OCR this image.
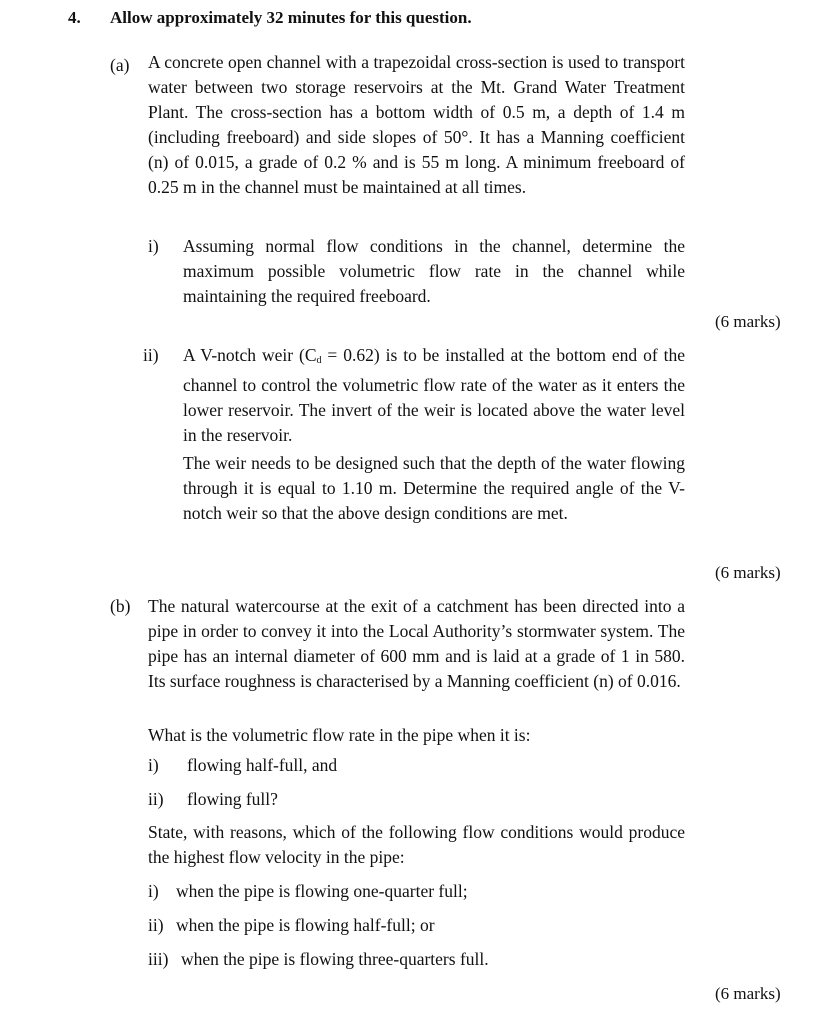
4. Allow approximately 32 minutes for this question.
(a) A concrete open channel with a trapezoidal cross-section is used to transport water between two storage reservoirs at the Mt. Grand Water Treatment Plant. The cross-section has a bottom width of 0.5 m, a depth of 1.4 m (including freeboard) and side slopes of 50°. It has a Manning coefficient (n) of 0.015, a grade of 0.2 % and is 55 m long. A minimum freeboard of 0.25 m in the channel must be maintained at all times.
i) Assuming normal flow conditions in the channel, determine the maximum possible volumetric flow rate in the channel while maintaining the required freeboard.
(6 marks)
ii) A V-notch weir $(C_d = 0.62)$ is to be installed at the bottom end of the channel to control the volumetric flow rate of the water as it enters the lower reservoir. The invert of the weir is located above the water level in the reservoir.
The weir needs to be designed such that the depth of the water flowing through it is equal to 1.10 m. Determine the required angle of the V-notch weir so that the above design conditions are met.
(6 marks)
(b) The natural watercourse at the exit of a catchment has been directed into a pipe in order to convey it into the Local Authority’s stormwater system. The pipe has an internal diameter of 600 mm and is laid at a grade of 1 in 580. Its surface roughness is characterised by a Manning coefficient (n) of 0.016.
What is the volumetric flow rate in the pipe when it is:
i) flowing half-full, and
ii) flowing full?
State, with reasons, which of the following flow conditions would produce the highest flow velocity in the pipe:
i) when the pipe is flowing one-quarter full;
ii) when the pipe is flowing half-full; or
iii) when the pipe is flowing three-quarters full.
(6 marks)
